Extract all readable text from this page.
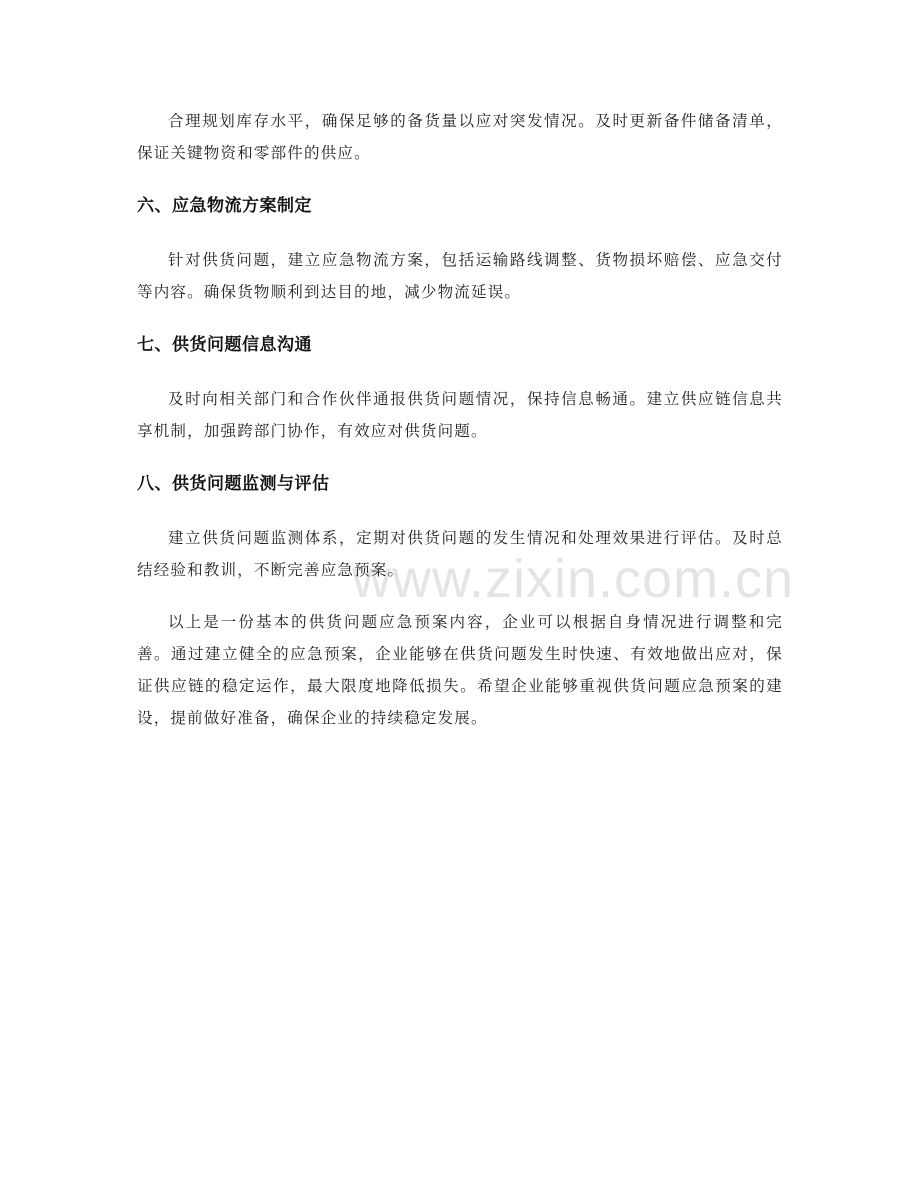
合理规划库存水平，确保足够的备货量以应对突发情况。及时更新备件储备清单，保证关键物资和零部件的供应。

六、应急物流方案制定

针对供货问题，建立应急物流方案，包括运输路线调整、货物损坏赔偿、应急交付等内容。确保货物顺利到达目的地，减少物流延误。

七、供货问题信息沟通

及时向相关部门和合作伙伴通报供货问题情况，保持信息畅通。建立供应链信息共享机制，加强跨部门协作，有效应对供货问题。

八、供货问题监测与评估

建立供货问题监测体系，定期对供货问题的发生情况和处理效果进行评估。及时总结经验和教训，不断完善应急预案。

以上是一份基本的供货问题应急预案内容，企业可以根据自身情况进行调整和完善。通过建立健全的应急预案，企业能够在供货问题发生时快速、有效地做出应对，保证供应链的稳定运作，最大限度地降低损失。希望企业能够重视供货问题应急预案的建设，提前做好准备，确保企业的持续稳定发展。

www.zixin.com.cn
